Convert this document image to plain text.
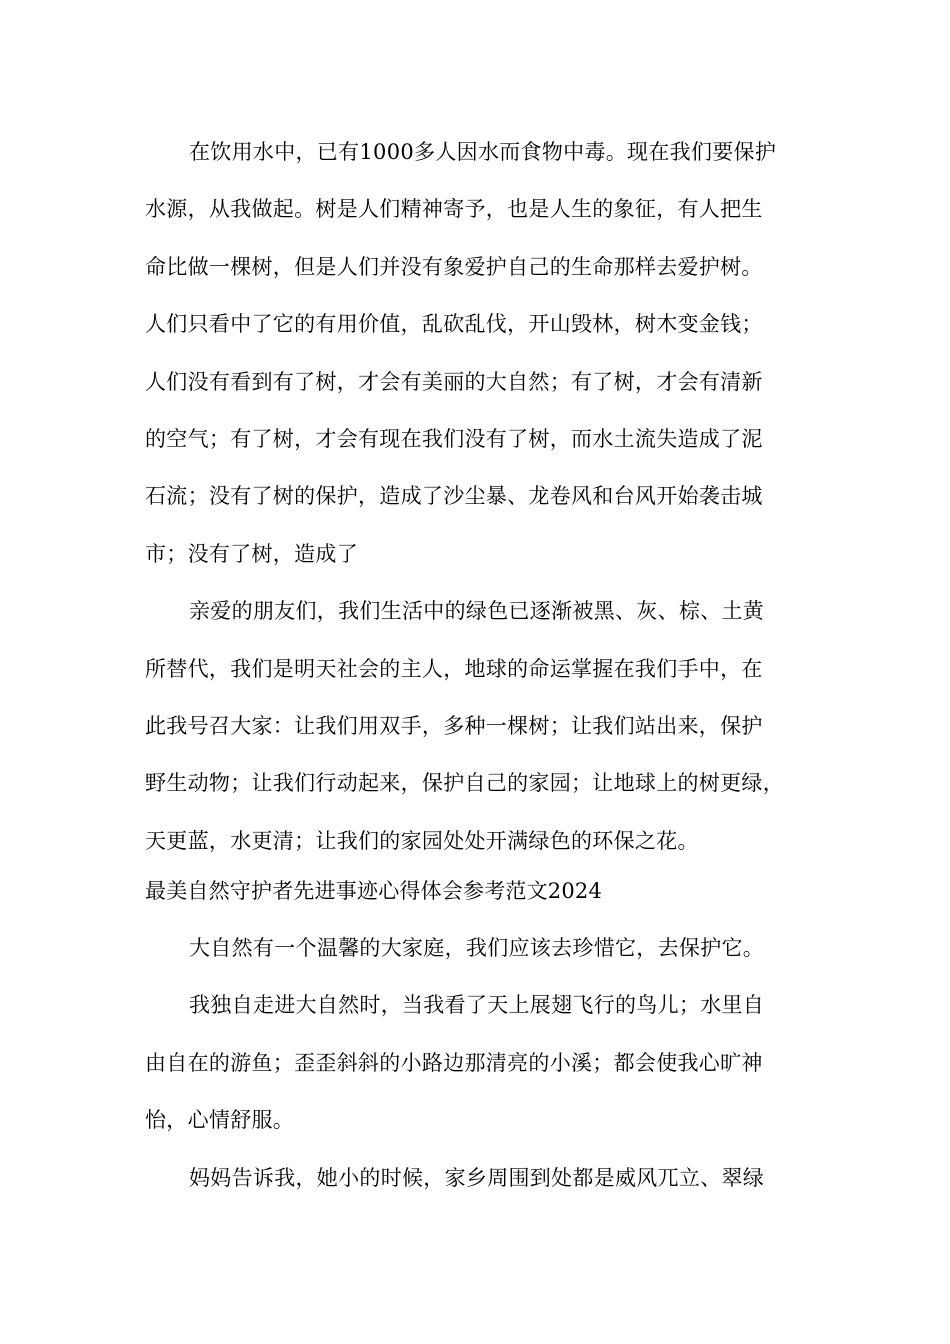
在饮用水中，已有1000多人因水而食物中毒。现在我们要保护
水源，从我做起。树是人们精神寄予，也是人生的象征，有人把生
命比做一棵树，但是人们并没有象爱护自己的生命那样去爱护树。
人们只看中了它的有用价值，乱砍乱伐，开山毁林，树木变金钱；
人们没有看到有了树，才会有美丽的大自然；有了树，才会有清新
的空气；有了树，才会有现在我们没有了树，而水土流失造成了泥
石流；没有了树的保护，造成了沙尘暴、龙卷风和台风开始袭击城
市；没有了树，造成了
亲爱的朋友们，我们生活中的绿色已逐渐被黑、灰、棕、土黄
所替代，我们是明天社会的主人，地球的命运掌握在我们手中，在
此我号召大家：让我们用双手，多种一棵树；让我们站出来，保护
野生动物；让我们行动起来，保护自己的家园；让地球上的树更绿，
天更蓝，水更清；让我们的家园处处开满绿色的环保之花。
最美自然守护者先进事迹心得体会参考范文2024
大自然有一个温馨的大家庭，我们应该去珍惜它，去保护它。
我独自走进大自然时，当我看了天上展翅飞行的鸟儿；水里自
由自在的游鱼；歪歪斜斜的小路边那清亮的小溪；都会使我心旷神
怡，心情舒服。
妈妈告诉我，她小的时候，家乡周围到处都是威风兀立、翠绿
